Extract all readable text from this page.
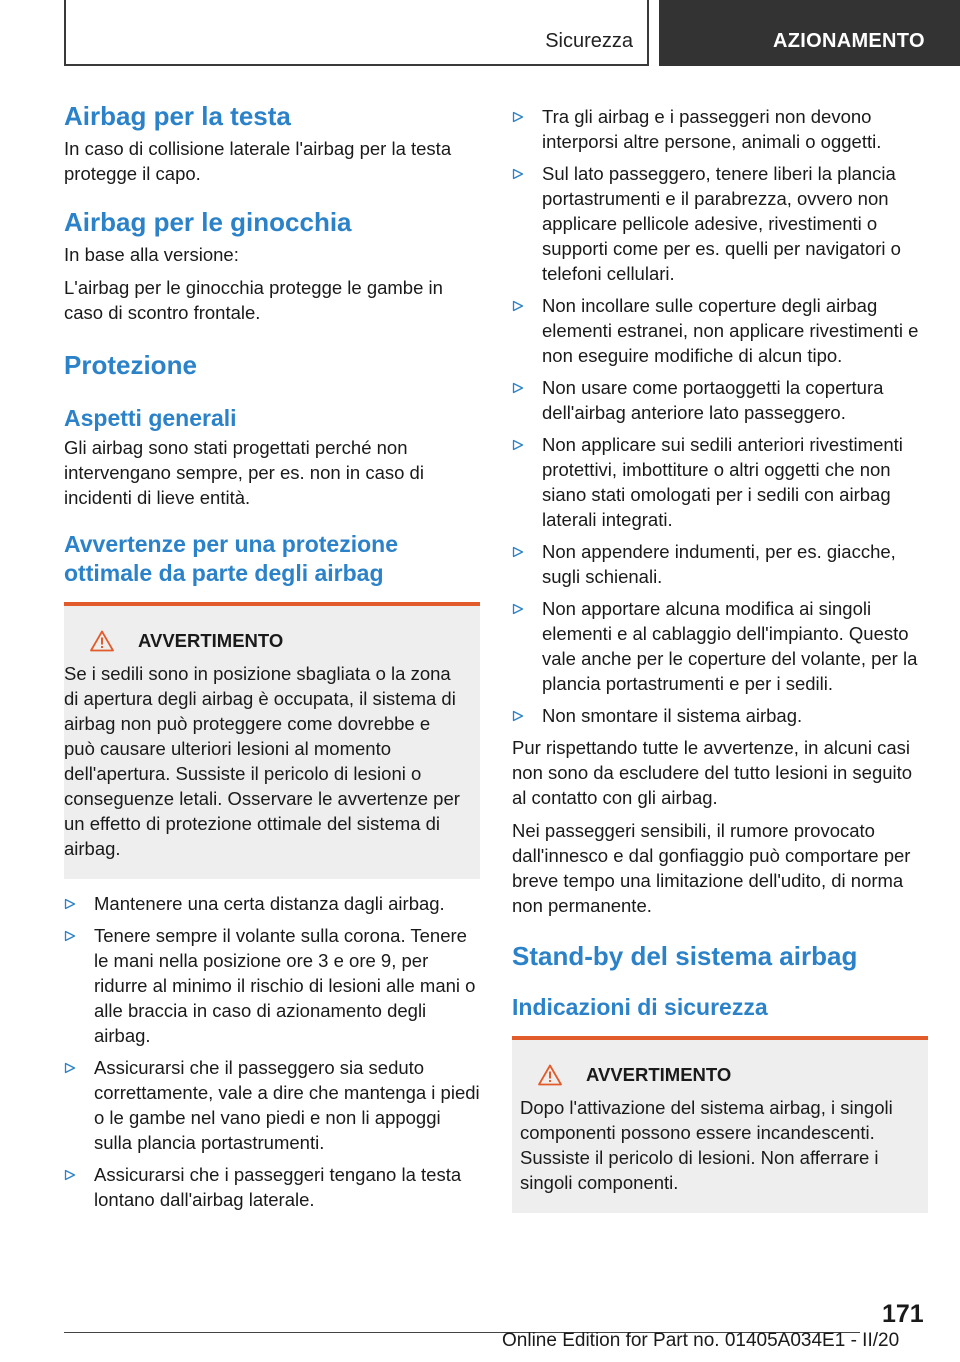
Sicurezza	AZIONAMENTO
Airbag per la testa

In caso di collisione laterale l'airbag per la testa protegge il capo.

Airbag per le ginocchia

In base alla versione:

L'airbag per le ginocchia protegge le gambe in caso di scontro frontale.

Protezione
Aspetti generali

Gli airbag sono stati progettati perché non intervengano sempre, per es. non in caso di incidenti di lieve entità.

Avvertenze per una protezione ottimale da parte degli airbag
AVVERTIMENTO

Se i sedili sono in posizione sbagliata o la zona di apertura degli airbag è occupata, il sistema di airbag non può proteggere come dovrebbe e può causare ulteriori lesioni al momento dell'apertura. Sussiste il pericolo di lesioni o conseguenze letali. Osservare le avvertenze per un effetto di protezione ottimale del sistema di airbag.

Mantenere una certa distanza dagli airbag.
Tenere sempre il volante sulla corona. Tenere le mani nella posizione ore 3 e ore 9, per ridurre al minimo il rischio di lesioni alle mani o alle braccia in caso di azionamento degli airbag.
Assicurarsi che il passeggero sia seduto correttamente, vale a dire che mantenga i piedi o le gambe nel vano piedi e non li appoggi sulla plancia portastrumenti.
Assicurarsi che i passeggeri tengano la testa lontano dall'airbag laterale.
Tra gli airbag e i passeggeri non devono interporsi altre persone, animali o oggetti.
Sul lato passeggero, tenere liberi la plancia portastrumenti e il parabrezza, ovvero non applicare pellicole adesive, rivestimenti o supporti come per es. quelli per navigatori o telefoni cellulari.
Non incollare sulle coperture degli airbag elementi estranei, non applicare rivestimenti e non eseguire modifiche di alcun tipo.
Non usare come portaoggetti la copertura dell'airbag anteriore lato passeggero.
Non applicare sui sedili anteriori rivestimenti protettivi, imbottiture o altri oggetti che non siano stati omologati per i sedili con airbag laterali integrati.
Non appendere indumenti, per es. giacche, sugli schienali.
Non apportare alcuna modifica ai singoli elementi e al cablaggio dell'impianto. Questo vale anche per le coperture del volante, per la plancia portastrumenti e per i sedili.
Non smontare il sistema airbag.

Pur rispettando tutte le avvertenze, in alcuni casi non sono da escludere del tutto lesioni in seguito al contatto con gli airbag.

Nei passeggeri sensibili, il rumore provocato dall'innesco e dal gonfiaggio può comportare per breve tempo una limitazione dell'udito, di norma non permanente.

Stand-by del sistema airbag
Indicazioni di sicurezza
AVVERTIMENTO

Dopo l'attivazione del sistema airbag, i singoli componenti possono essere incandescenti. Sussiste il pericolo di lesioni. Non afferrare i singoli componenti.

171
Online Edition for Part no. 01405A034E1 - II/20
